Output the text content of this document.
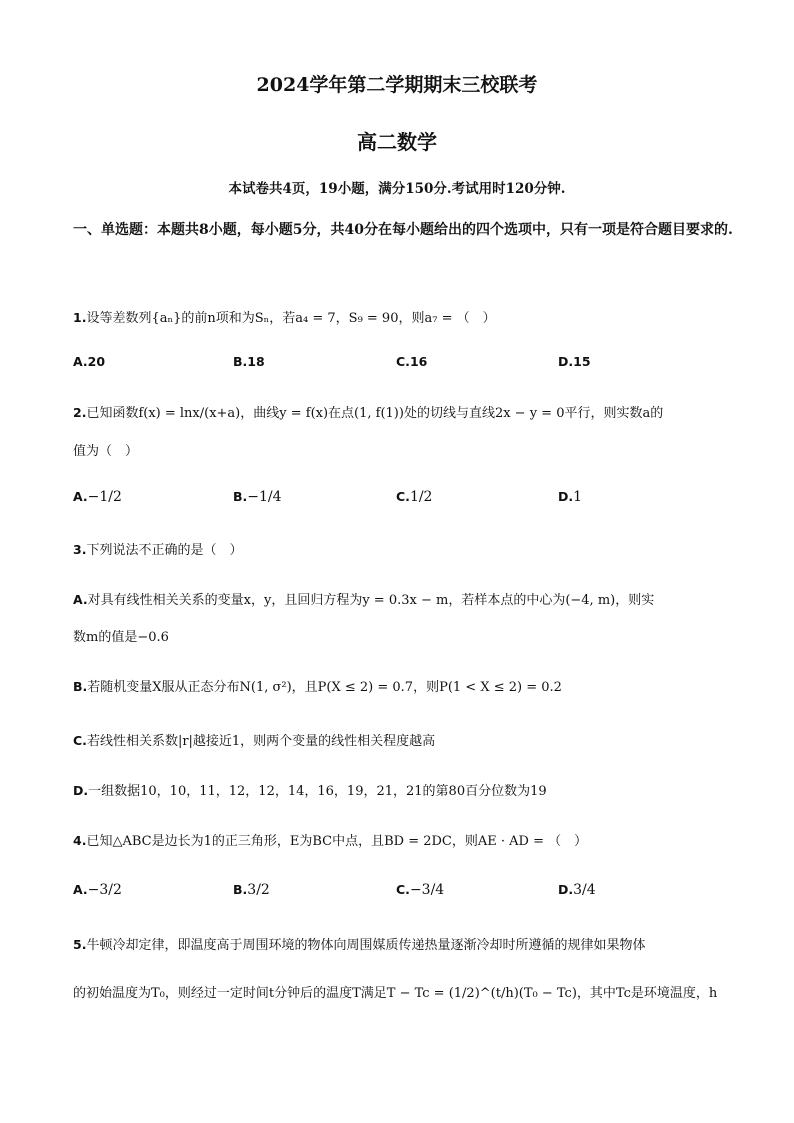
2024学年第二学期期末三校联考
高二数学
本试卷共4页，19小题，满分150分.考试用时120分钟.
一、单选题：本题共8小题，每小题5分，共40分在每小题给出的四个选项中，只有一项是符合题目要求的.
1.设等差数列{aₙ}的前n项和为Sₙ，若a₄ = 7，S₉ = 90，则a₇ = （　）
A.20	B.18	C.16	D.15
2.已知函数f(x) = lnx/(x+a)，曲线y = f(x)在点(1, f(1))处的切线与直线2x − y = 0平行，则实数a的
值为（　）
A.−1/2	B.−1/4	C.1/2	D.1
3.下列说法不正确的是（　）
A.对具有线性相关关系的变量x，y，且回归方程为y = 0.3x − m，若样本点的中心为(−4, m)，则实
数m的值是−0.6
B.若随机变量X服从正态分布N(1, σ²)，且P(X ≤ 2) = 0.7，则P(1 < X ≤ 2) = 0.2
C.若线性相关系数|r|越接近1，则两个变量的线性相关程度越高
D.一组数据10，10，11，12，12，14，16，19，21，21的第80百分位数为19
4.已知△ABC是边长为1的正三角形，E为BC中点，且BD = 2DC，则AE · AD = （　）
A.−3/2	B.3/2	C.−3/4	D.3/4
5.牛顿冷却定律，即温度高于周围环境的物体向周围媒质传递热量逐渐冷却时所遵循的规律如果物体
的初始温度为T₀，则经过一定时间t分钟后的温度T满足T − Tc = (1/2)^(t/h)(T₀ − Tc)，其中Tc是环境温度，h
